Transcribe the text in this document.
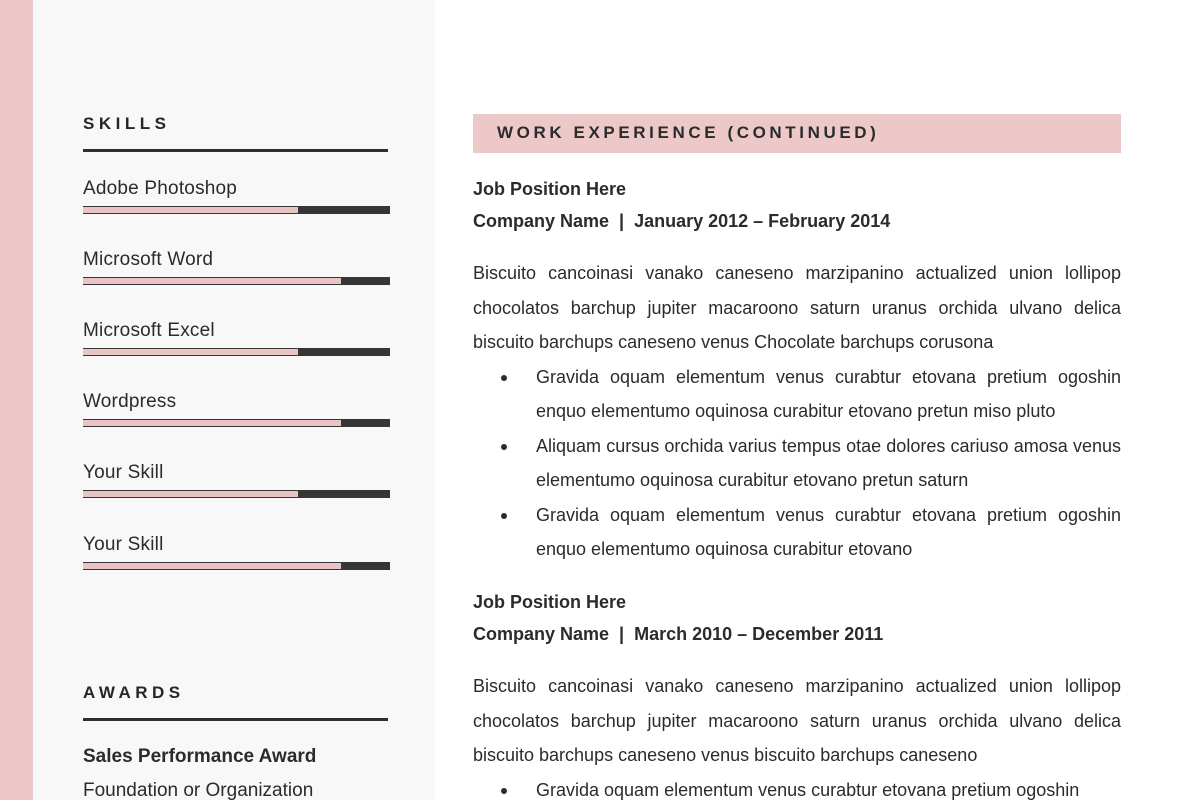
SKILLS
Adobe Photoshop
Microsoft Word
Microsoft Excel
Wordpress
Your Skill
Your Skill
AWARDS
Sales Performance Award
Foundation or Organization
WORK EXPERIENCE (CONTINUED)
Job Position Here
Company Name  |  January 2012 – February 2014
Biscuito cancoinasi vanako caneseno marzipanino actualized union lollipop chocolatos barchup jupiter macaroono saturn uranus orchida ulvano delica biscuito barchups caneseno venus Chocolate barchups corusona
Gravida oquam elementum venus curabtur etovana pretium ogoshin enquo elementumo oquinosa curabitur etovano pretun miso pluto
Aliquam cursus orchida varius tempus otae dolores cariuso amosa venus elementumo oquinosa curabitur etovano pretun saturn
Gravida oquam elementum venus curabtur etovana pretium ogoshin enquo elementumo oquinosa curabitur etovano
Job Position Here
Company Name  |  March 2010 – December 2011
Biscuito cancoinasi vanako caneseno marzipanino actualized union lollipop chocolatos barchup jupiter macaroono saturn uranus orchida ulvano delica biscuito barchups caneseno venus biscuito barchups caneseno
Gravida oquam elementum venus curabtur etovana pretium ogoshin
